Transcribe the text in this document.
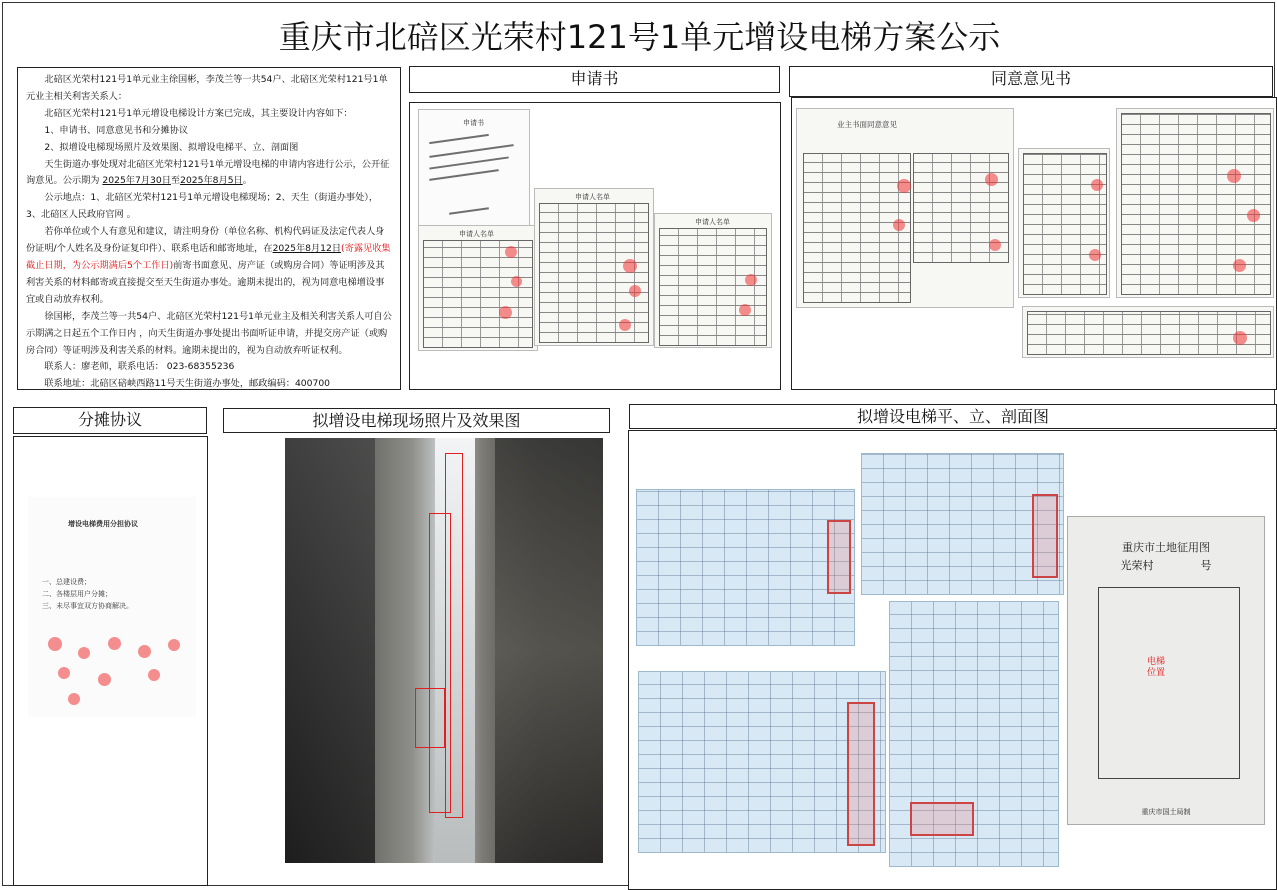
重庆市北碚区光荣村121号1单元增设电梯方案公示

北碚区光荣村121号1单元业主徐国彬，李茂兰等一共54户、北碚区光荣村121号1单元业主相关利害关系人：

北碚区光荣村121号1单元增设电梯设计方案已完成，其主要设计内容如下：

1、申请书、同意意见书和分摊协议

2、拟增设电梯现场照片及效果图、拟增设电梯平、立、剖面图

天生街道办事处现对北碚区光荣村121号1单元增设电梯的申请内容进行公示，公开征询意见。公示期为 2025年7月30日至2025年8月5日。

公示地点：1、北碚区光荣村121号1单元增设电梯现场；2、天生（街道办事处），3、北碚区人民政府官网 。

若你单位或个人有意见和建议，请注明身份（单位名称、机构代码证及法定代表人身份证明/个人姓名及身份证复印件）、联系电话和邮寄地址，在2025年8月12日(寄露见收集截止日期，为公示期满后5个工作日)前寄书面意见、房产证（或购房合同）等证明涉及其利害关系的材料邮寄或直接提交至天生街道办事处。逾期未提出的，视为同意电梯增设事宜或自动放弃权利。

徐国彬，李茂兰等一共54户、北碚区光荣村121号1单元业主及相关利害关系人可自公示期满之日起五个工作日内 ，向天生街道办事处提出书面听证申请，并提交房产证（或购房合同）等证明涉及利害关系的材料。逾期未提出的，视为自动放弃听证权利。

联系人：廖老师，联系电话： 023-68355236

联系地址：北碚区碚峡西路11号天生街道办事处，邮政编码：400700

申请书
申请书
申请人名单
申请人名单
申请人名单
同意意见书
业主书面同意意见
分摊协议
增设电梯费用分担协议
一、总建设费；
二、各楼层用户分摊；
三、未尽事宜双方协商解决。
拟增设电梯现场照片及效果图	拟增设电梯平、立、剖面图
重庆市土地征用图
光荣村	号
电梯位置
重庆市国土局制
